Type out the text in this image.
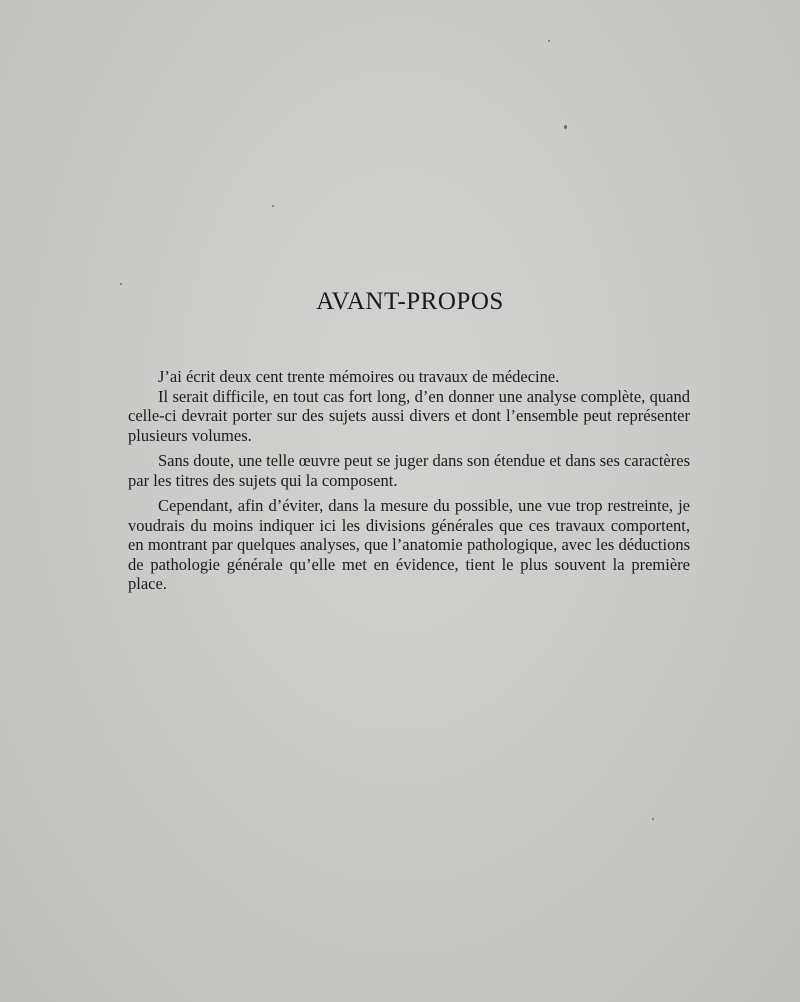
AVANT-PROPOS

J’ai écrit deux cent trente mémoires ou travaux de médecine.

Il serait difficile, en tout cas fort long, d’en donner une analyse complète, quand celle-ci devrait porter sur des sujets aussi divers et dont l’ensemble peut représenter plusieurs volumes.

Sans doute, une telle œuvre peut se juger dans son étendue et dans ses caractères par les titres des sujets qui la composent.

Cependant, afin d’éviter, dans la mesure du possible, une vue trop restreinte, je voudrais du moins indiquer ici les divisions générales que ces travaux comportent, en montrant par quelques analyses, que l’anatomie pathologique, avec les déductions de pathologie générale qu’elle met en évidence, tient le plus souvent la première place.
